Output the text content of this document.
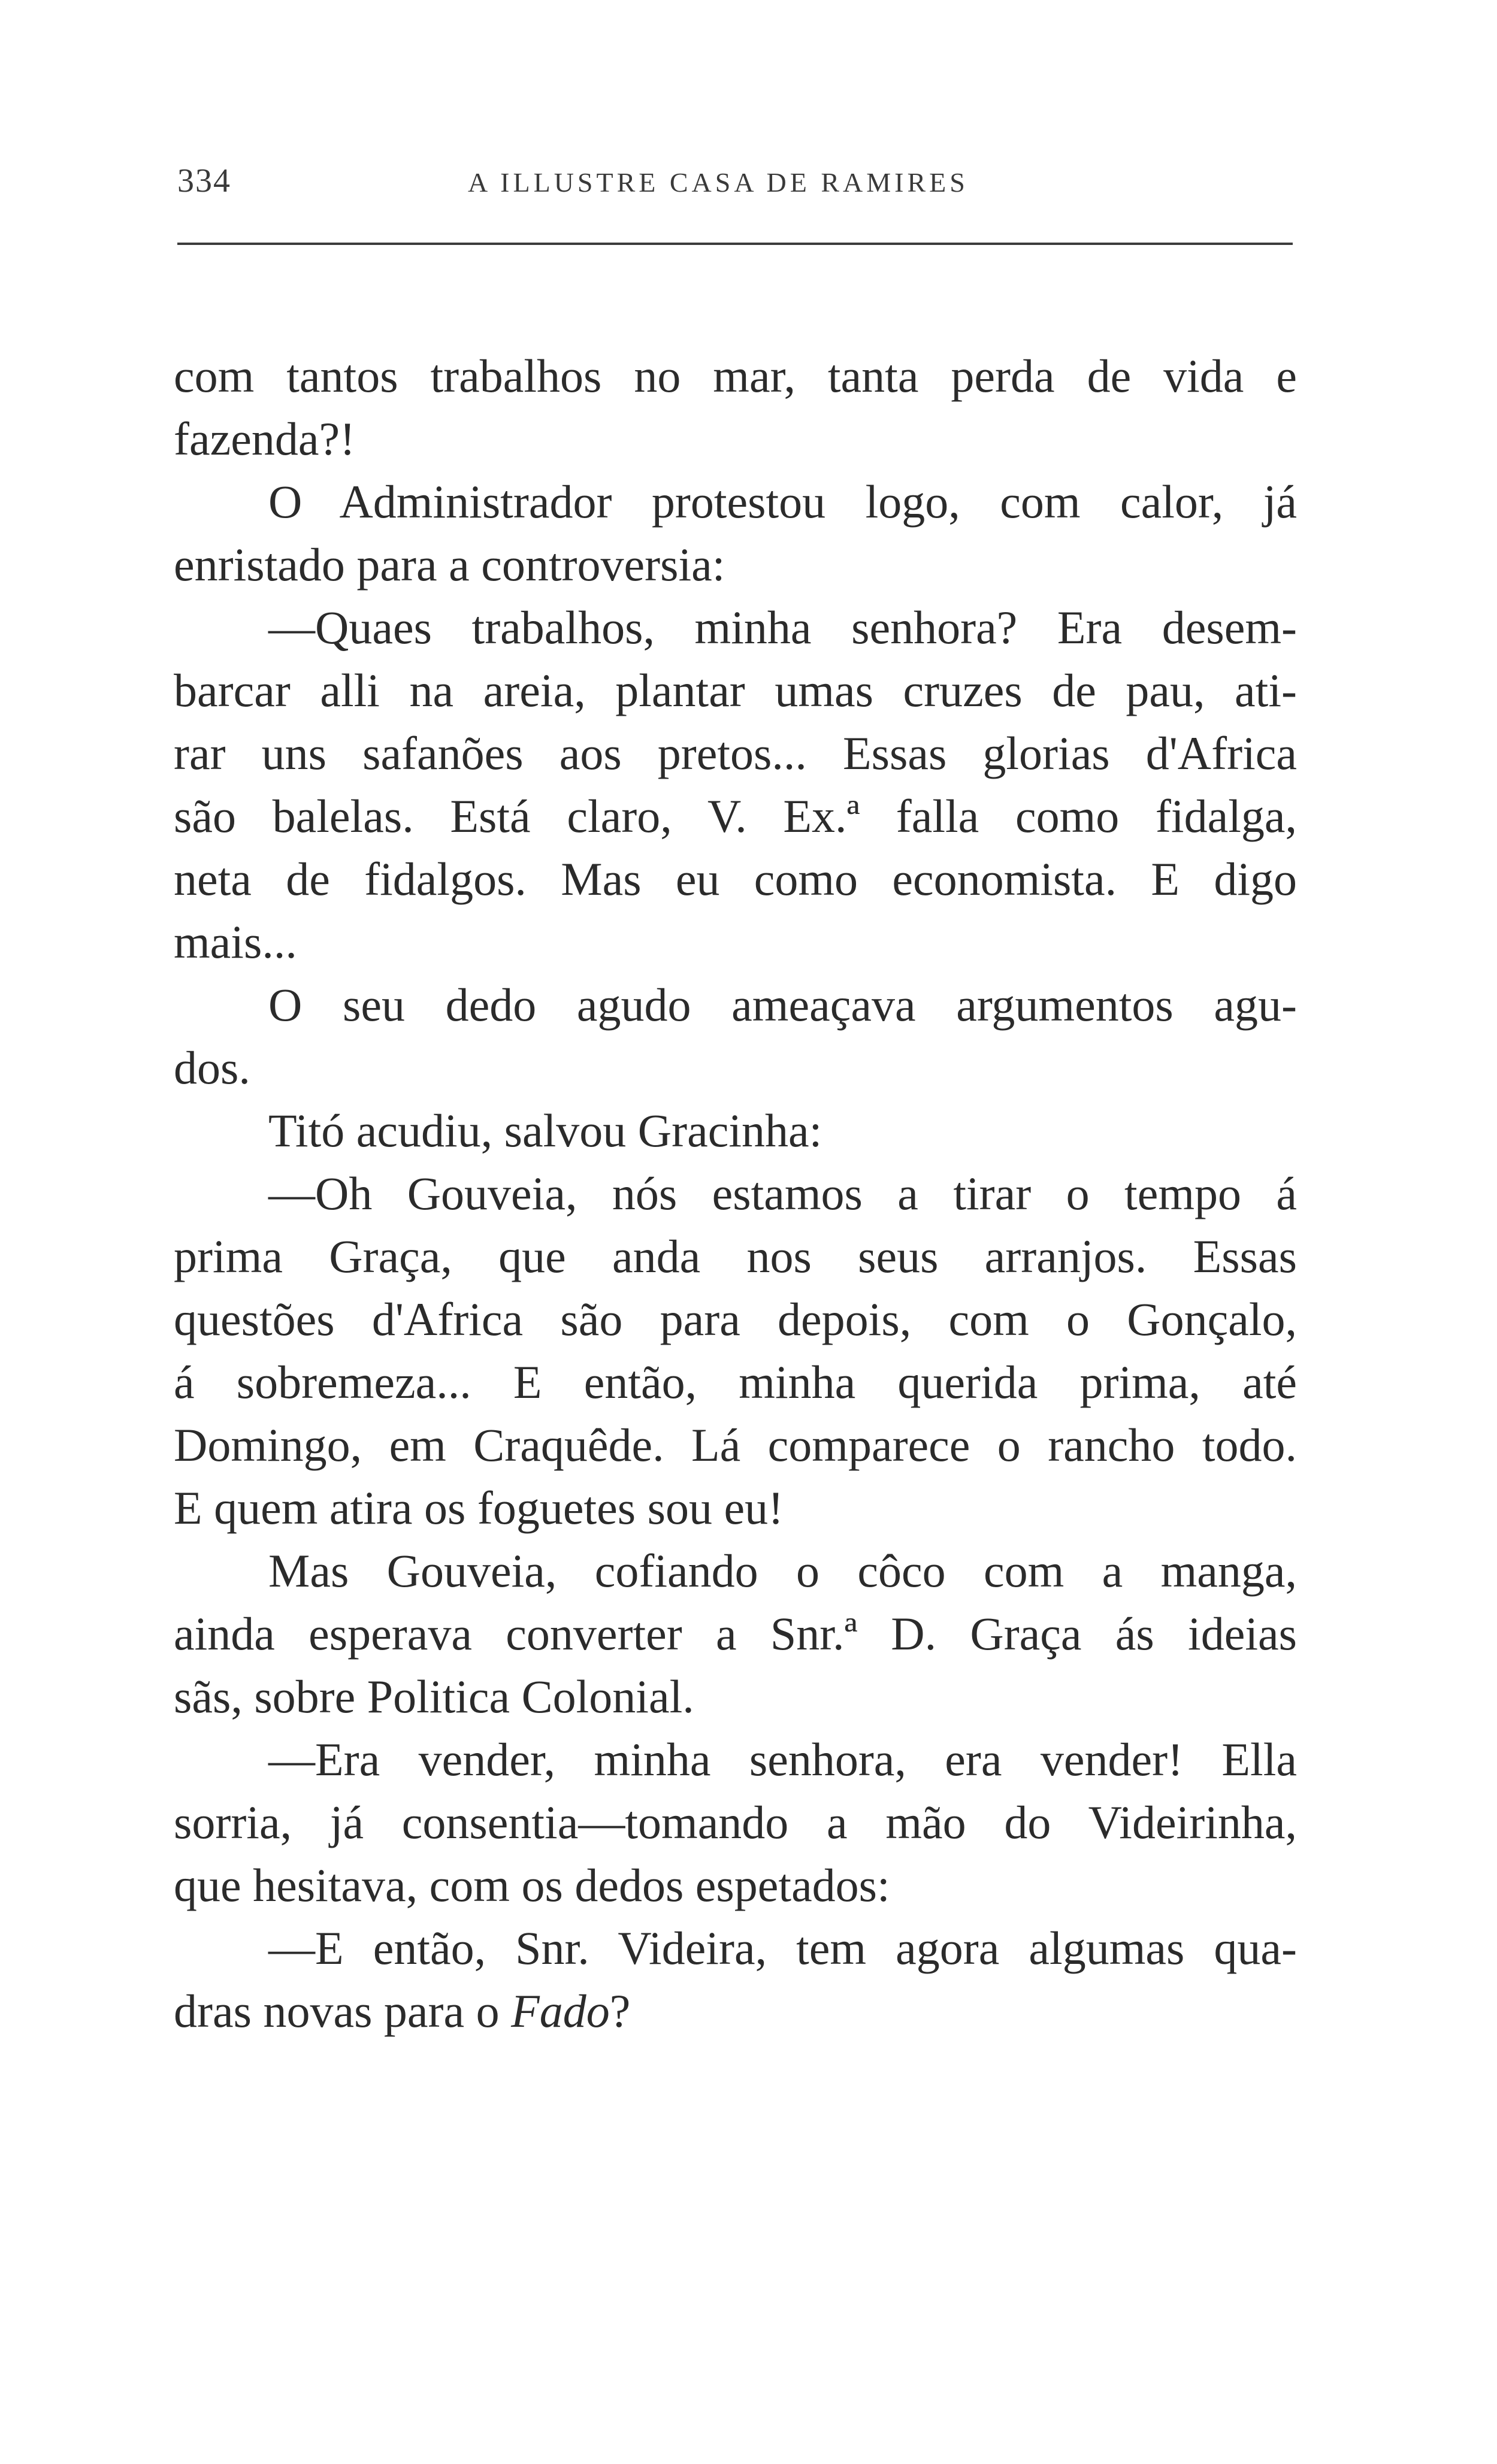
334	A ILLUSTRE CASA DE RAMIRES
com tantos trabalhos no mar, tanta perda de vida e
fazenda?!
O Administrador protestou logo, com calor, já
enristado para a controversia:
—Quaes trabalhos, minha senhora? Era desem-
barcar alli na areia, plantar umas cruzes de pau, ati-
rar uns safanões aos pretos... Essas glorias d'Africa
são balelas. Está claro, V. Ex.ª falla como fidalga,
neta de fidalgos. Mas eu como economista. E digo
mais...
O seu dedo agudo ameaçava argumentos agu-
dos.
Titó acudiu, salvou Gracinha:
—Oh Gouveia, nós estamos a tirar o tempo á
prima Graça, que anda nos seus arranjos. Essas
questões d'Africa são para depois, com o Gonçalo,
á sobremeza... E então, minha querida prima, até
Domingo, em Craquêde. Lá comparece o rancho todo.
E quem atira os foguetes sou eu!
Mas Gouveia, cofiando o côco com a manga,
ainda esperava converter a Snr.ª D. Graça ás ideias
sãs, sobre Politica Colonial.
—Era vender, minha senhora, era vender! Ella
sorria, já consentia—tomando a mão do Videirinha,
que hesitava, com os dedos espetados:
—E então, Snr. Videira, tem agora algumas qua-
dras novas para o Fado?
